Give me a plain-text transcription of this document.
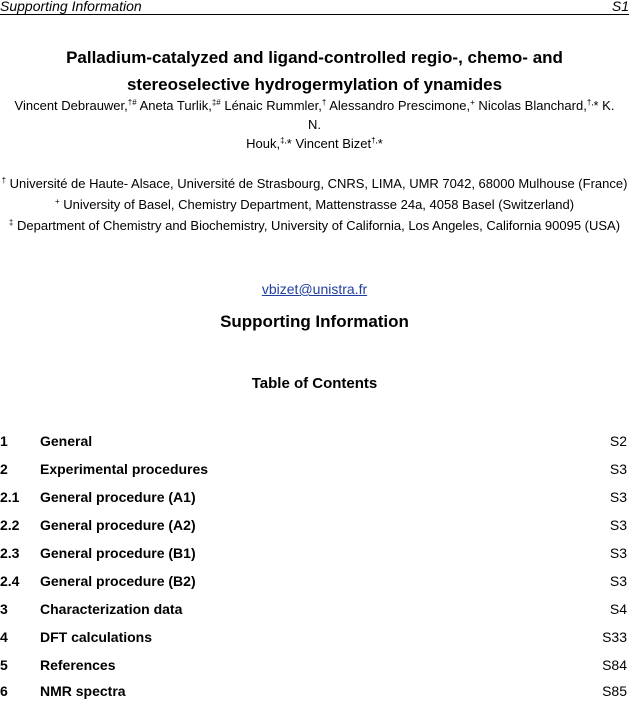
Supporting Information	S1
Palladium-catalyzed and ligand-controlled regio-, chemo- and
stereoselective hydrogermylation of ynamides
Vincent Debrauwer,†# Aneta Turlik,‡# Lénaic Rummler,† Alessandro Prescimone,+ Nicolas Blanchard,†,* K. N.
Houk,‡,* Vincent Bizet†,*
† Université de Haute- Alsace, Université de Strasbourg, CNRS, LIMA, UMR 7042, 68000 Mulhouse (France)
+ University of Basel, Chemistry Department, Mattenstrasse 24a, 4058 Basel (Switzerland)
‡ Department of Chemistry and Biochemistry, University of California, Los Angeles, California 90095 (USA)
vbizet@unistra.fr
Supporting Information
Table of Contents
1 General	S2
2 Experimental procedures	S3
2.1 General procedure (A1)	S3
2.2 General procedure (A2)	S3
2.3 General procedure (B1)	S3
2.4 General procedure (B2)	S3
3 Characterization data	S4
4 DFT calculations	S33
5 References	S84
6 NMR spectra	S85
